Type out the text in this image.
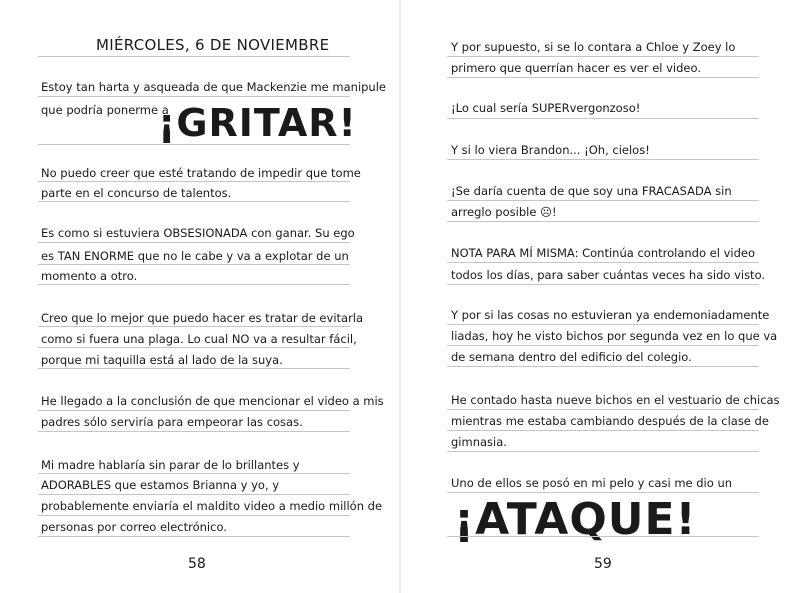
MIÉRCOLES, 6 DE NOVIEMBRE
Estoy tan harta y asqueada de que Mackenzie me manipule
que podría ponerme a
¡GRITAR!
No puedo creer que esté tratando de impedir que tome
parte en el concurso de talentos.
Es como si estuviera OBSESIONADA con ganar. Su ego
es TAN ENORME que no le cabe y va a explotar de un
momento a otro.
Creo que lo mejor que puedo hacer es tratar de evitarla
como si fuera una plaga. Lo cual NO va a resultar fácil,
porque mi taquilla está al lado de la suya.
He llegado a la conclusión de que mencionar el video a mis
padres sólo serviría para empeorar las cosas.
Mi madre hablaría sin parar de lo brillantes y
ADORABLES que estamos Brianna y yo, y
probablemente enviaría el maldito video a medio millón de
personas por correo electrónico.
58
Y por supuesto, si se lo contara a Chloe y Zoey lo
primero que querrían hacer es ver el video.
¡Lo cual sería SUPERvergonzoso!
Y si lo viera Brandon... ¡Oh, cielos!
¡Se daría cuenta de que soy una FRACASADA sin
arreglo posible ☹!
NOTA PARA MÍ MISMA: Continúa controlando el video
todos los días, para saber cuántas veces ha sido visto.
Y por si las cosas no estuvieran ya endemoniadamente
liadas, hoy he visto bichos por segunda vez en lo que va
de semana dentro del edificio del colegio.
He contado hasta nueve bichos en el vestuario de chicas
mientras me estaba cambiando después de la clase de
gimnasia.
Uno de ellos se posó en mi pelo y casi me dio un
¡ATAQUE!
59
